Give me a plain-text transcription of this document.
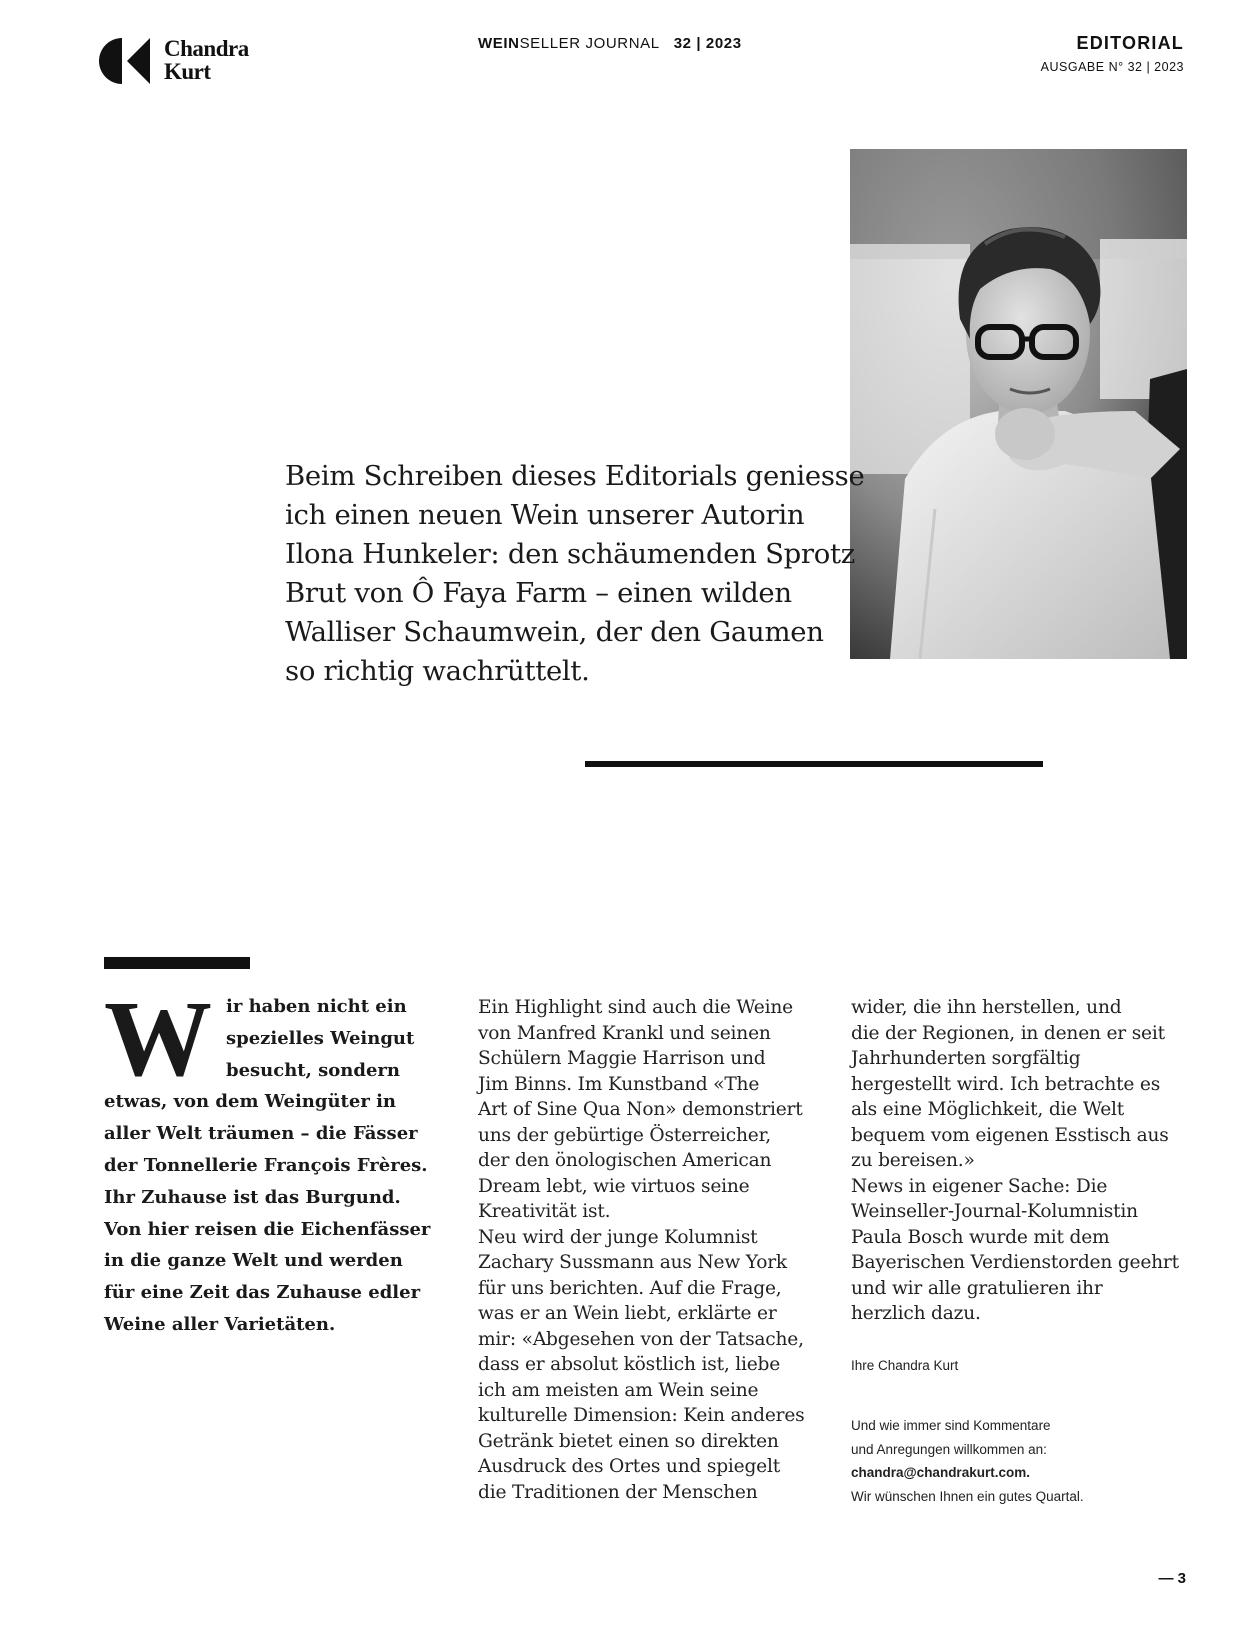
Chandra
Kurt
WEINSELLER JOURNAL 32 | 2023	EDITORIAL
AUSGABE N° 32 | 2023
Beim Schreiben dieses Editorials geniesse
ich einen neuen Wein unserer Autorin
Ilona Hunkeler: den schäumenden Sprotz
Brut von Ô Faya Farm – einen wilden
Walliser Schaumwein, der den Gaumen
so richtig wachrüttelt.
W	ir haben nicht ein
spezielles Weingut
besucht, sondern
etwas, von dem Weingüter in
aller Welt träumen – die Fässer
der Tonnellerie François Frères.
Ihr Zuhause ist das Burgund.
Von hier reisen die Eichenfässer
in die ganze Welt und werden
für eine Zeit das Zuhause edler
Weine aller Varietäten.
Ein Highlight sind auch die Weine
von Manfred Krankl und seinen
Schülern Maggie Harrison und
Jim Binns. Im Kunstband «The
Art of Sine Qua Non» demonstriert
uns der gebürtige Österreicher,
der den önologischen American
Dream lebt, wie virtuos seine
Kreativität ist.
Neu wird der junge Kolumnist
Zachary Sussmann aus New York
für uns berichten. Auf die Frage,
was er an Wein liebt, erklärte er
mir: «Abgesehen von der Tatsache,
dass er absolut köstlich ist, liebe
ich am meisten am Wein seine
kulturelle Dimension: Kein anderes
Getränk bietet einen so direkten
Ausdruck des Ortes und spiegelt
die Traditionen der Menschen
wider, die ihn herstellen, und
die der Regionen, in denen er seit
Jahrhunderten sorgfältig
hergestellt wird. Ich betrachte es
als eine Möglichkeit, die Welt
bequem vom eigenen Esstisch aus
zu bereisen.»
News in eigener Sache: Die
Weinseller-Journal-Kolumnistin
Paula Bosch wurde mit dem
Bayerischen Verdienstorden geehrt
und wir alle gratulieren ihr
herzlich dazu.
Ihre Chandra Kurt
Und wie immer sind Kommentare
und Anregungen willkommen an:
chandra@chandrakurt.com.
Wir wünschen Ihnen ein gutes Quartal.
— 3
